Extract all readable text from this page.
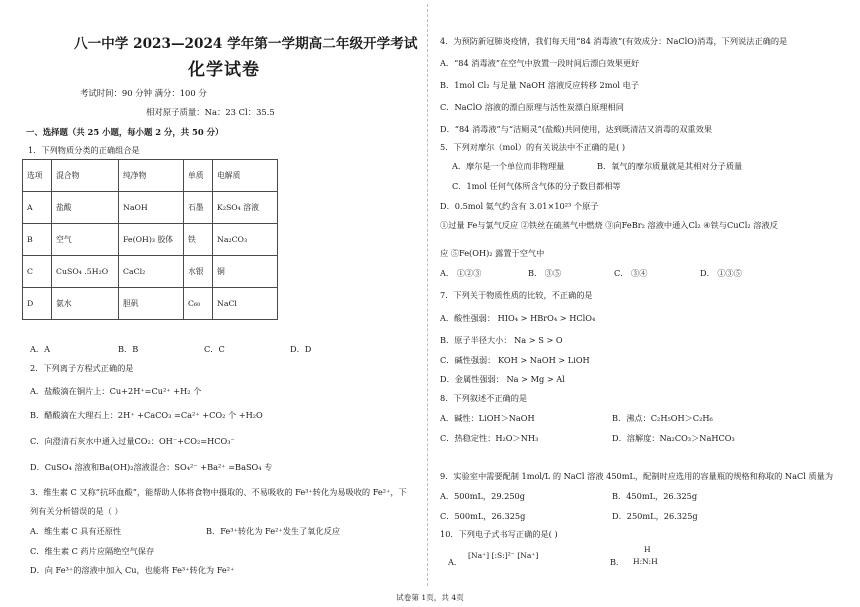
八一中学 2023—2024 学年第一学期高二年级开学考试
化学试卷
考试时间：90 分钟 满分：100 分
相对原子质量：Na：23 Cl：35.5
一、选择题（共 25 小题，每小题 2 分，共 50 分）
1．下列物质分类的正确组合是
选项	混合物	纯净物	单质	电解质
A	盐酸	NaOH	石墨	K₂SO₄ 溶液
B	空气	Fe(OH)₃ 胶体	铁	Na₂CO₃
C	CuSO₄ .5H₂O	CaCl₂	水银	铜
D	氨水	胆矾	C₆₀	NaCl
A．A	B．B	C．C	D．D
2．下列离子方程式正确的是
A．盐酸滴在铜片上：Cu+2H⁺=Cu²⁺ +H₂ 个
B．醋酸滴在大理石上：2H⁺ +CaCO₃ =Ca²⁺ +CO₂ 个 +H₂O
C．向澄清石灰水中通入过量CO₂：OH⁻+CO₂=HCO₃⁻
D．CuSO₄ 溶液和Ba(OH)₂溶液混合：SO₄²⁻ +Ba²⁺ =BaSO₄ 专
3．维生素 C 又称“抗坏血酸”，能帮助人体将食物中摄取的、不易吸收的 Fe³⁺转化为易吸收的 Fe²⁺，下
列有关分析错误的是（ ）
A．维生素 C 具有还原性	B．Fe³⁺转化为 Fe²⁺发生了氧化反应
C．维生素 C 药片应隔绝空气保存
D．向 Fe³⁺的溶液中加入 Cu，也能将 Fe³⁺转化为 Fe²⁺
4．为预防新冠肺炎疫情，我们每天用“84 消毒液”(有效成分：NaClO)消毒，下列说法正确的是
A．“84 消毒液”在空气中放置一段时间后漂白效果更好
B．1mol Cl₂ 与足量 NaOH 溶液反应转移 2mol 电子
C．NaClO 溶液的漂白原理与活性炭漂白原理相同
D．“84 消毒液”与“洁厕灵”(盐酸)共同使用，达到既清洁又消毒的双重效果
5．下列对摩尔（mol）的有关说法中不正确的是( )
A．摩尔是一个单位而非物理量	B．氧气的摩尔质量就是其相对分子质量
C．1mol 任何气体所含气体的分子数目都相等
D．0.5mol 氦气约含有 3.01×10²³ 个原子
①过量 Fe与氯气反应 ②铁丝在硫蒸气中燃烧 ③向FeBr₂ 溶液中通入Cl₂ ④铁与CuCl₂ 溶液反
应 ⑤Fe(OH)₂ 露置于空气中
A． ①②③	B． ③⑤	C． ③④	D． ①③⑤
7．下列关于物质性质的比较，不正确的是
A．酸性强弱： HIO₄ > HBrO₄ > HClO₄
B．原子半径大小： Na > S > O
C．碱性强弱： KOH > NaOH > LiOH
D．金属性强弱： Na > Mg > Al
8．下列叙述不正确的是
A．碱性：LiOH＞NaOH	B．沸点：C₂H₅OH＞C₂H₆
C．热稳定性：H₂O＞NH₃	D．溶解度：Na₂CO₃＞NaHCO₃
9．实验室中需要配制 1mol/L 的 NaCl 溶液 450mL，配制时应选用的容量瓶的规格和称取的 NaCl 质量为
A．500mL，29.250g	B．450mL，26.325g
C．500mL，26.325g	D．250mL，26.325g
10．下列电子式书写正确的是( )
A．
[Na⁺] [:S:]²⁻ [Na⁺]
B．
H
H:N:H
试卷第 1页，共 4页
